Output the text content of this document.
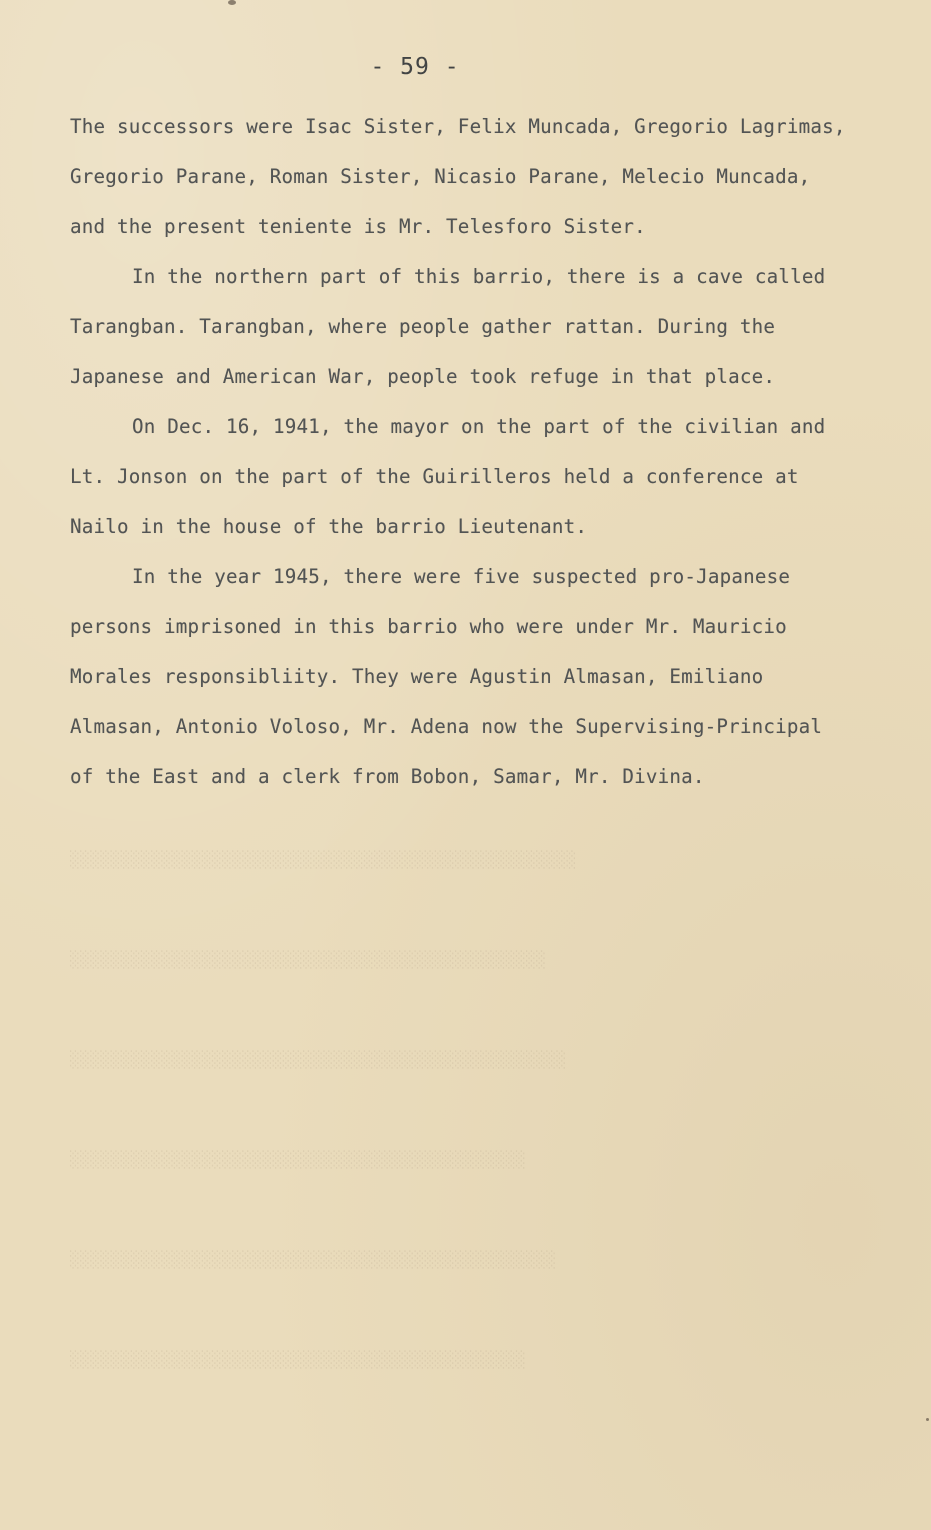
░░░░░░░░░░░░░░░░░░░░░░░░░░░░░░░░░░░░░░░░░░░░░░░░░░
░░░░░░░░░░░░░░░░░░░░░░░░░░░░░░░░░░░░░░░░░░░░░░░
░░░░░░░░░░░░░░░░░░░░░░░░░░░░░░░░░░░░░░░░░░░░░░░░░
░░░░░░░░░░░░░░░░░░░░░░░░░░░░░░░░░░░░░░░░░░░░░
░░░░░░░░░░░░░░░░░░░░░░░░░░░░░░░░░░░░░░░░░░░░░░░░
░░░░░░░░░░░░░░░░░░░░░░░░░░░░░░░░░░░░░░░░░░░░░
- 59 -
The successors were Isac Sister, Felix Muncada, Gregorio Lagrimas,
Gregorio Parane, Roman Sister, Nicasio Parane, Melecio Muncada,
and the present teniente is Mr. Telesforo Sister.
In the northern part of this barrio, there is a cave called
Tarangban. Tarangban, where people gather rattan. During the
Japanese and American War, people took refuge in that place.
On Dec. 16, 1941, the mayor on the part of the civilian and
Lt. Jonson on the part of the Guirilleros held a conference at
Nailo in the house of the barrio Lieutenant.
In the year 1945, there were five suspected pro-Japanese
persons imprisoned in this barrio who were under Mr. Mauricio
Morales responsibliity. They were Agustin Almasan, Emiliano
Almasan, Antonio Voloso, Mr. Adena now the Supervising-Principal
of the East and a clerk from Bobon, Samar, Mr. Divina.
